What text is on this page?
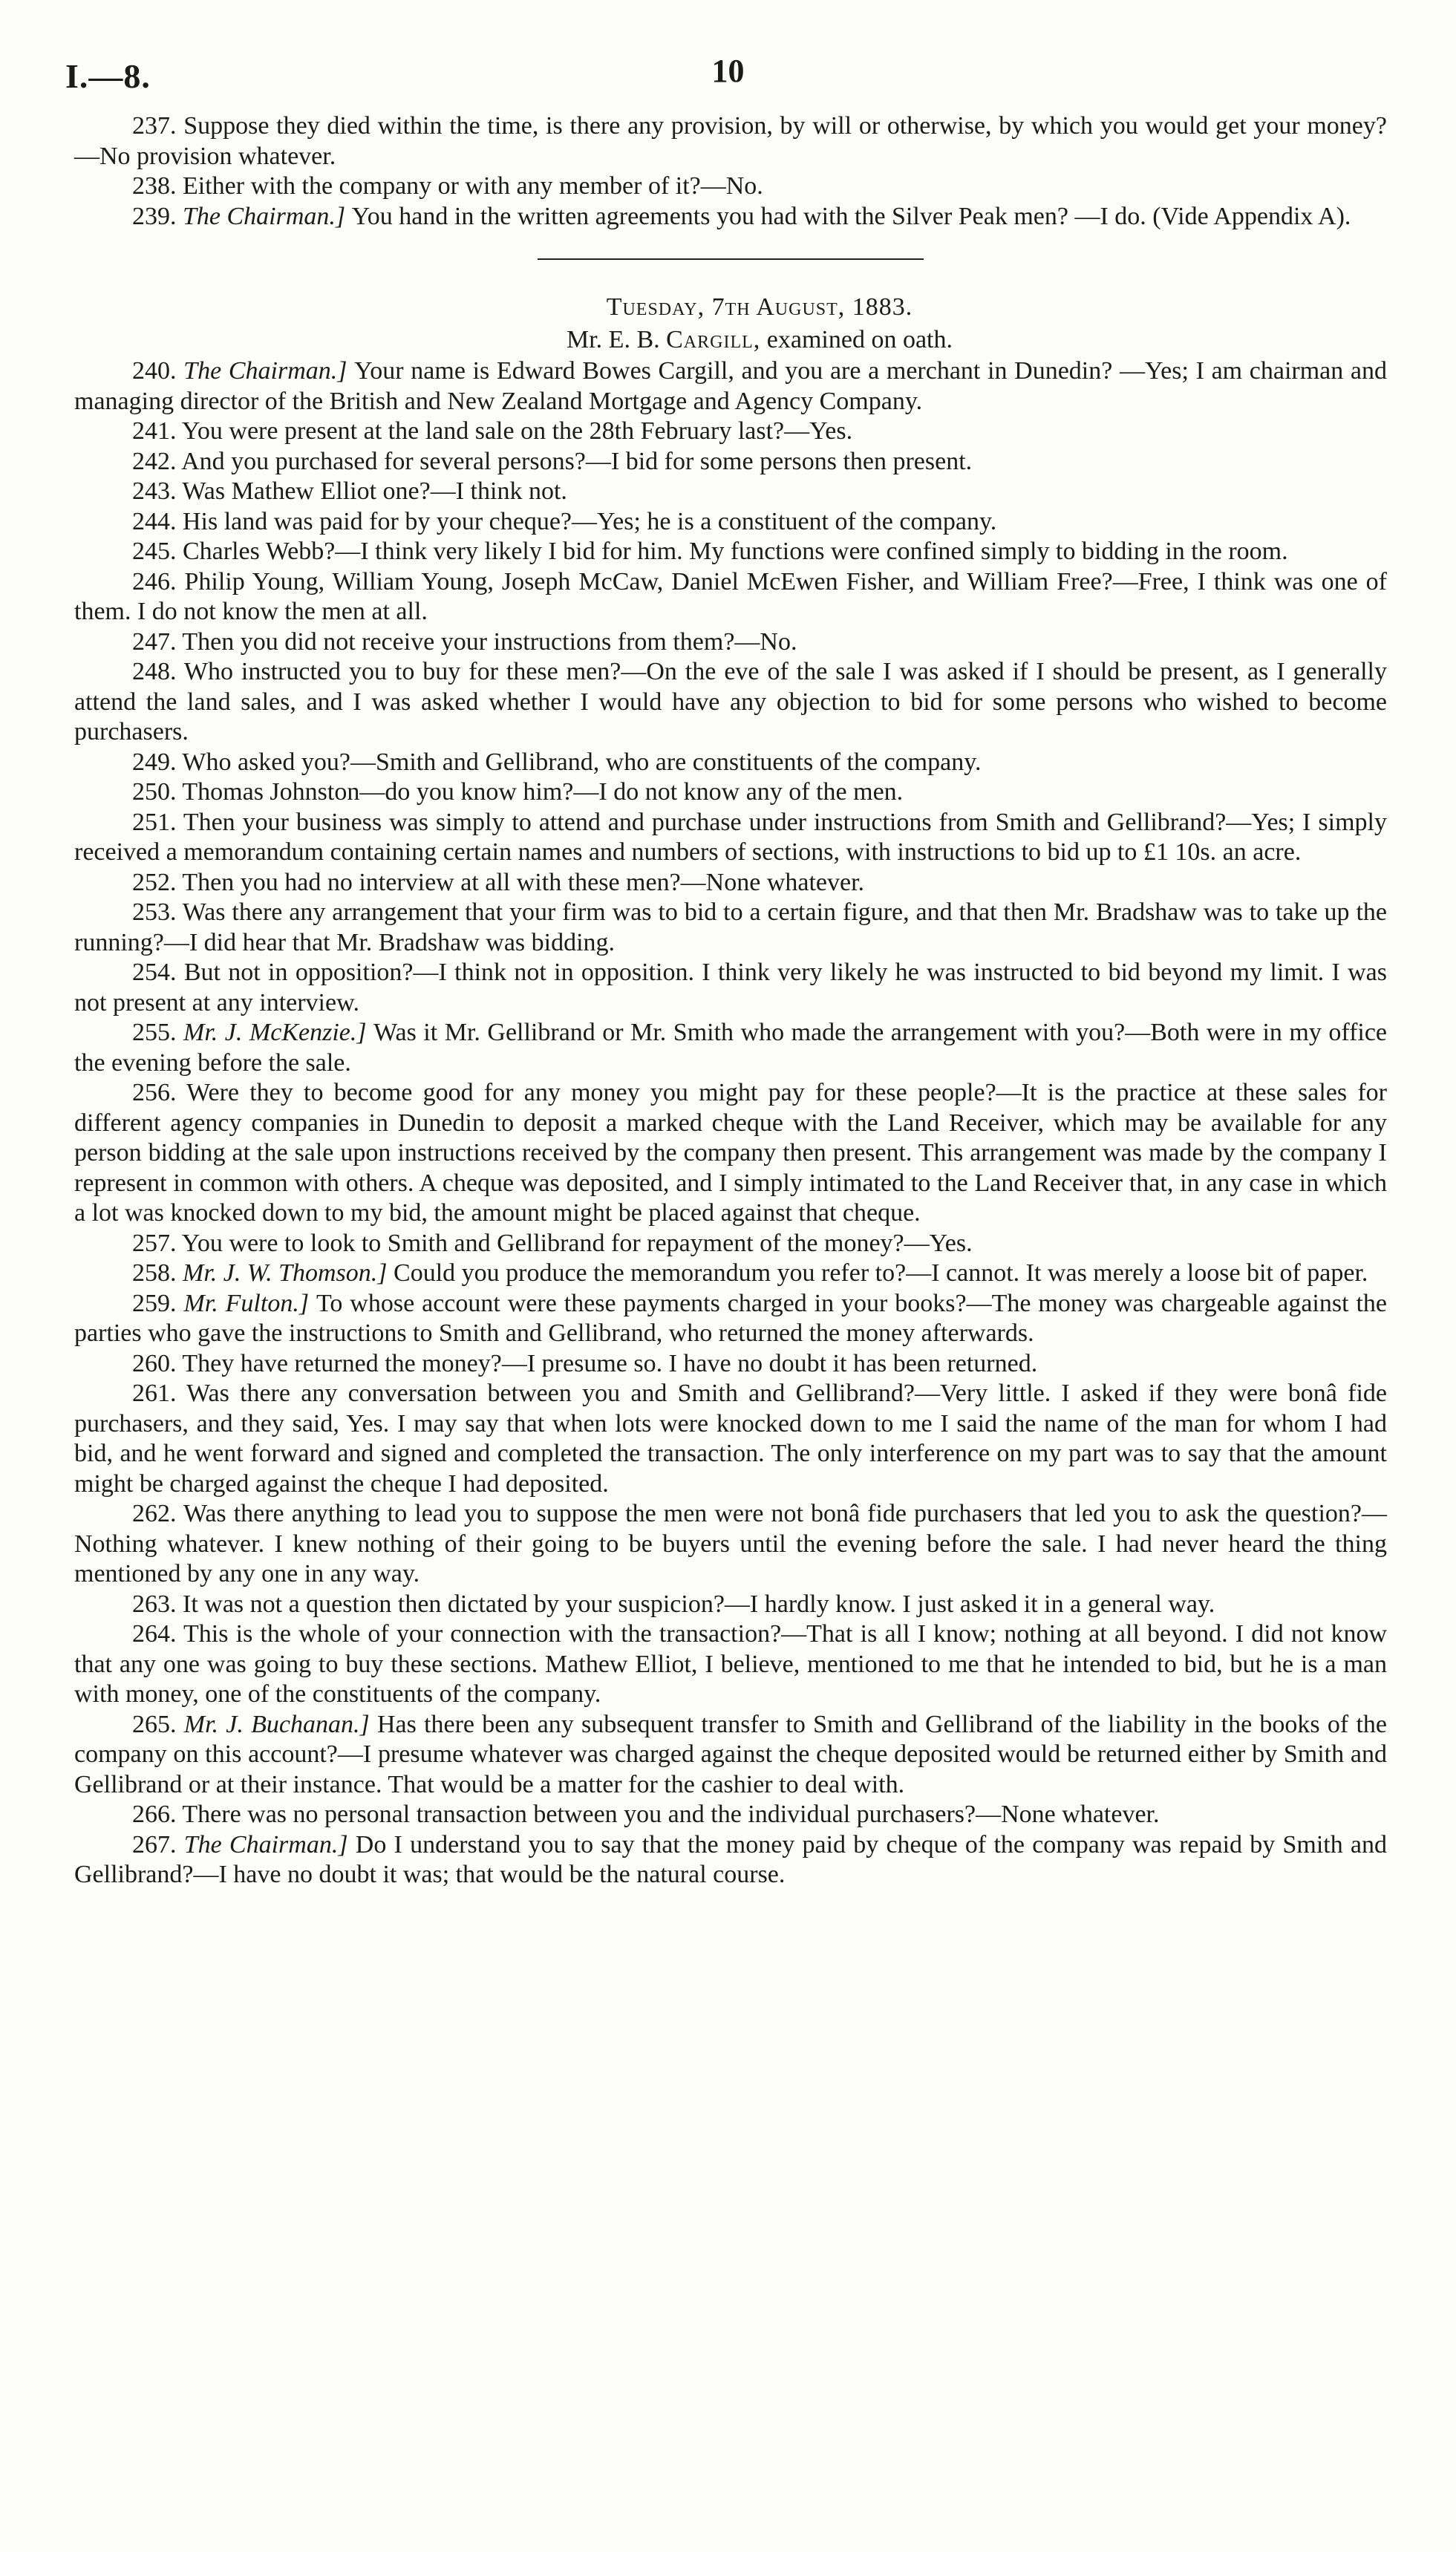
I.—8.	10

237. Suppose they died within the time, is there any provision, by will or otherwise, by which you would get your money?—No provision whatever.

238. Either with the company or with any member of it?—No.

239. The Chairman.] You hand in the written agreements you had with the Silver Peak men? —I do. (Vide Appendix A).

Tuesday, 7th August, 1883.

Mr. E. B. Cargill, examined on oath.

240. The Chairman.] Your name is Edward Bowes Cargill, and you are a merchant in Dunedin? —Yes; I am chairman and managing director of the British and New Zealand Mortgage and Agency Company.

241. You were present at the land sale on the 28th February last?—Yes.

242. And you purchased for several persons?—I bid for some persons then present.

243. Was Mathew Elliot one?—I think not.

244. His land was paid for by your cheque?—Yes; he is a constituent of the company.

245. Charles Webb?—I think very likely I bid for him. My functions were confined simply to bidding in the room.

246. Philip Young, William Young, Joseph McCaw, Daniel McEwen Fisher, and William Free?—Free, I think was one of them. I do not know the men at all.

247. Then you did not receive your instructions from them?—No.

248. Who instructed you to buy for these men?—On the eve of the sale I was asked if I should be present, as I generally attend the land sales, and I was asked whether I would have any objection to bid for some persons who wished to become purchasers.

249. Who asked you?—Smith and Gellibrand, who are constituents of the company.

250. Thomas Johnston—do you know him?—I do not know any of the men.

251. Then your business was simply to attend and purchase under instructions from Smith and Gellibrand?—Yes; I simply received a memorandum containing certain names and numbers of sections, with instructions to bid up to £1 10s. an acre.

252. Then you had no interview at all with these men?—None whatever.

253. Was there any arrangement that your firm was to bid to a certain figure, and that then Mr. Bradshaw was to take up the running?—I did hear that Mr. Bradshaw was bidding.

254. But not in opposition?—I think not in opposition. I think very likely he was instructed to bid beyond my limit. I was not present at any interview.

255. Mr. J. McKenzie.] Was it Mr. Gellibrand or Mr. Smith who made the arrangement with you?—Both were in my office the evening before the sale.

256. Were they to become good for any money you might pay for these people?—It is the practice at these sales for different agency companies in Dunedin to deposit a marked cheque with the Land Receiver, which may be available for any person bidding at the sale upon instructions received by the company then present. This arrangement was made by the company I represent in common with others. A cheque was deposited, and I simply intimated to the Land Receiver that, in any case in which a lot was knocked down to my bid, the amount might be placed against that cheque.

257. You were to look to Smith and Gellibrand for repayment of the money?—Yes.

258. Mr. J. W. Thomson.] Could you produce the memorandum you refer to?—I cannot. It was merely a loose bit of paper.

259. Mr. Fulton.] To whose account were these payments charged in your books?—The money was chargeable against the parties who gave the instructions to Smith and Gellibrand, who returned the money afterwards.

260. They have returned the money?—I presume so. I have no doubt it has been returned.

261. Was there any conversation between you and Smith and Gellibrand?—Very little. I asked if they were bonâ fide purchasers, and they said, Yes. I may say that when lots were knocked down to me I said the name of the man for whom I had bid, and he went forward and signed and completed the transaction. The only interference on my part was to say that the amount might be charged against the cheque I had deposited.

262. Was there anything to lead you to suppose the men were not bonâ fide purchasers that led you to ask the question?—Nothing whatever. I knew nothing of their going to be buyers until the evening before the sale. I had never heard the thing mentioned by any one in any way.

263. It was not a question then dictated by your suspicion?—I hardly know. I just asked it in a general way.

264. This is the whole of your connection with the transaction?—That is all I know; nothing at all beyond. I did not know that any one was going to buy these sections. Mathew Elliot, I believe, mentioned to me that he intended to bid, but he is a man with money, one of the constituents of the company.

265. Mr. J. Buchanan.] Has there been any subsequent transfer to Smith and Gellibrand of the liability in the books of the company on this account?—I presume whatever was charged against the cheque deposited would be returned either by Smith and Gellibrand or at their instance. That would be a matter for the cashier to deal with.

266. There was no personal transaction between you and the individual purchasers?—None whatever.

267. The Chairman.] Do I understand you to say that the money paid by cheque of the company was repaid by Smith and Gellibrand?—I have no doubt it was; that would be the natural course.
